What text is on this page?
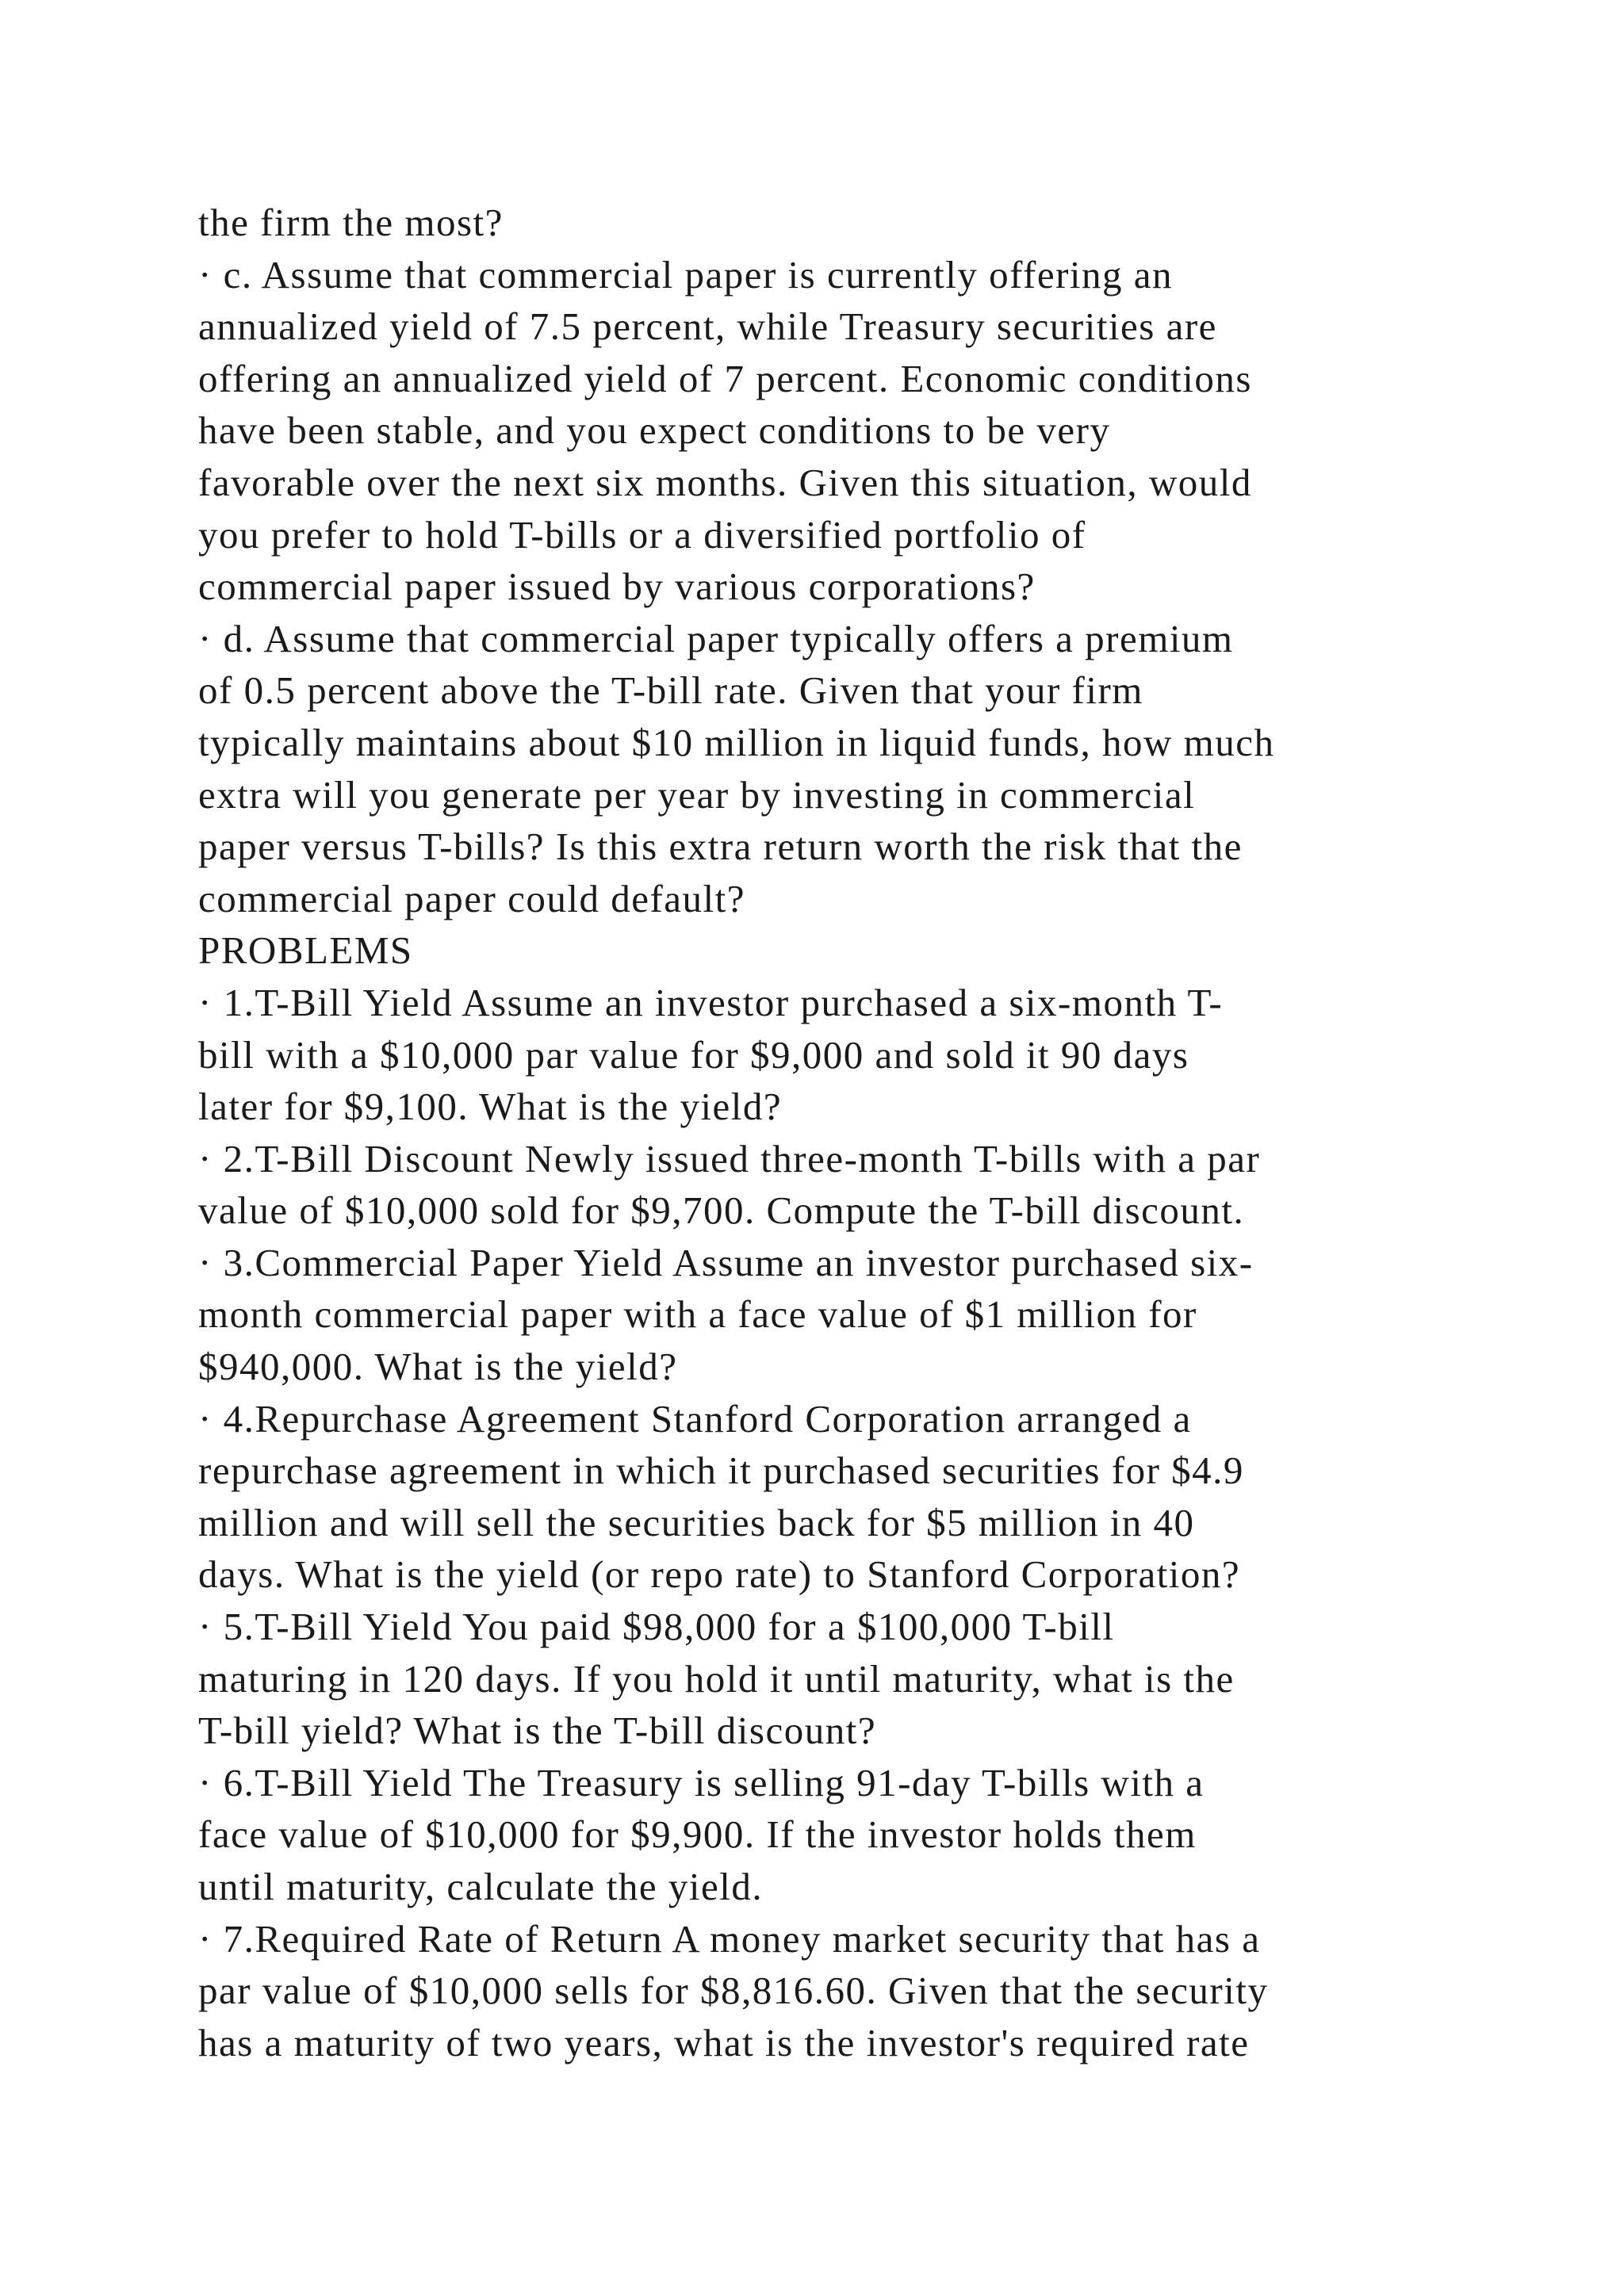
the firm the most?
· c. Assume that commercial paper is currently offering an
annualized yield of 7.5 percent, while Treasury securities are
offering an annualized yield of 7 percent. Economic conditions
have been stable, and you expect conditions to be very
favorable over the next six months. Given this situation, would
you prefer to hold T-bills or a diversified portfolio of
commercial paper issued by various corporations?
· d. Assume that commercial paper typically offers a premium
of 0.5 percent above the T-bill rate. Given that your firm
typically maintains about $10 million in liquid funds, how much
extra will you generate per year by investing in commercial
paper versus T-bills? Is this extra return worth the risk that the
commercial paper could default?
PROBLEMS
· 1.T-Bill Yield Assume an investor purchased a six-month T-
bill with a $10,000 par value for $9,000 and sold it 90 days
later for $9,100. What is the yield?
· 2.T-Bill Discount Newly issued three-month T-bills with a par
value of $10,000 sold for $9,700. Compute the T-bill discount.
· 3.Commercial Paper Yield Assume an investor purchased six-
month commercial paper with a face value of $1 million for
$940,000. What is the yield?
· 4.Repurchase Agreement Stanford Corporation arranged a
repurchase agreement in which it purchased securities for $4.9
million and will sell the securities back for $5 million in 40
days. What is the yield (or repo rate) to Stanford Corporation?
· 5.T-Bill Yield You paid $98,000 for a $100,000 T-bill
maturing in 120 days. If you hold it until maturity, what is the
T-bill yield? What is the T-bill discount?
· 6.T-Bill Yield The Treasury is selling 91-day T-bills with a
face value of $10,000 for $9,900. If the investor holds them
until maturity, calculate the yield.
· 7.Required Rate of Return A money market security that has a
par value of $10,000 sells for $8,816.60. Given that the security
has a maturity of two years, what is the investor's required rate
